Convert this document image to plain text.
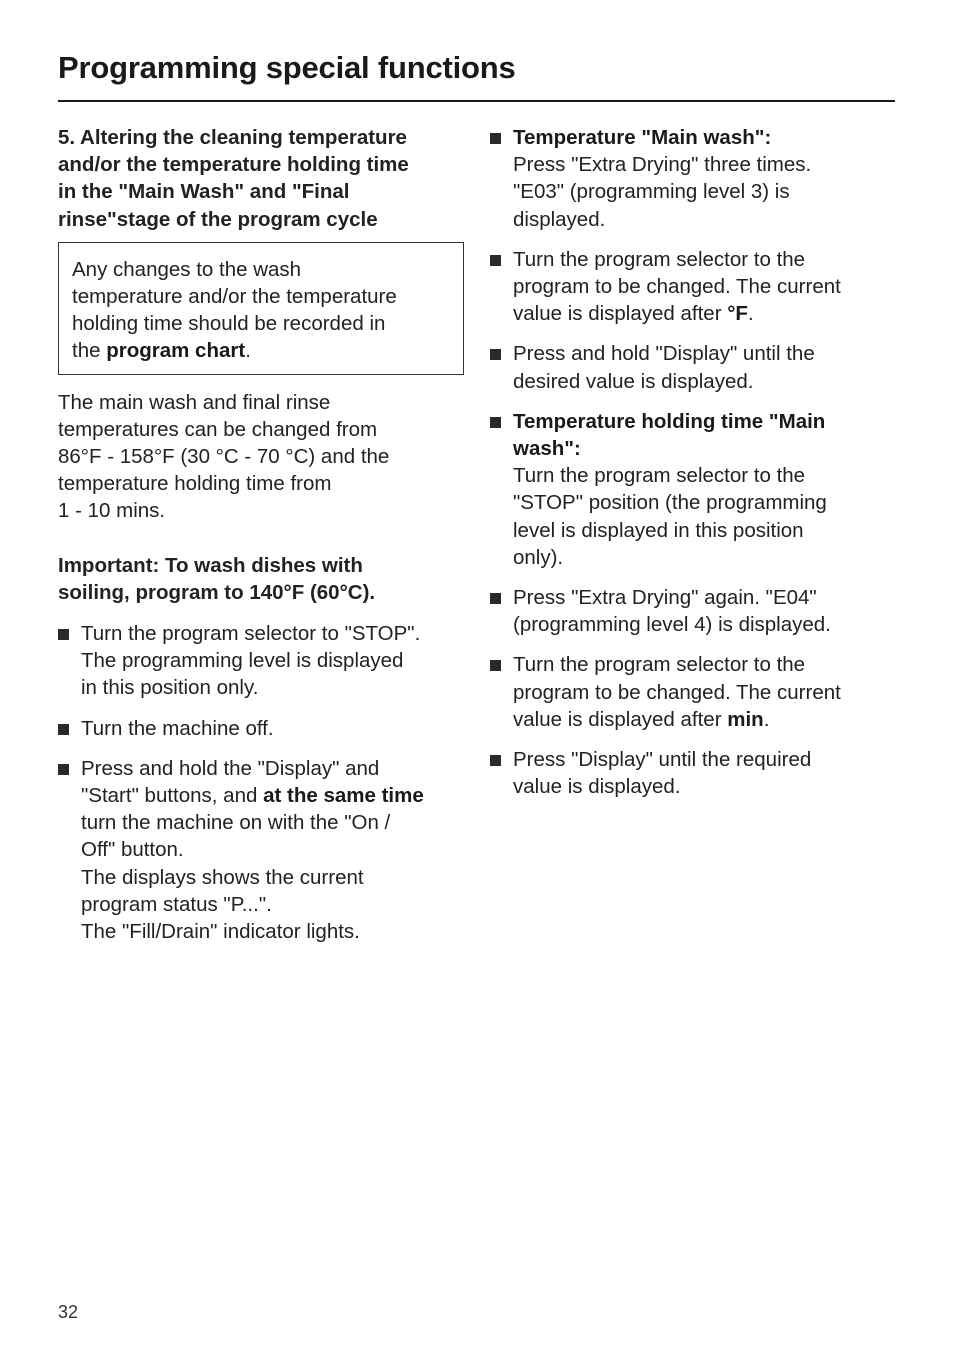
Programming special functions
5. Altering the cleaning temperature
and/or the temperature holding time
in the "Main Wash" and "Final
rinse"stage of the program cycle
Any changes to the wash
temperature and/or the temperature
holding time should be recorded in
the program chart.
The main wash and final rinse
temperatures can be changed from
86°F - 158°F (30 °C - 70 °C) and the
temperature holding time from
1 - 10 mins.
Important: To wash dishes with
soiling, program to 140°F (60°C).
Turn the program selector to "STOP".
The programming level is displayed
in this position only.
Turn the machine off.
Press and hold the "Display" and
"Start" buttons, and at the same time
turn the machine on with the "On /
Off" button.
The displays shows the current
program status "P...".
The "Fill/Drain" indicator lights.
Temperature "Main wash":
Press "Extra Drying" three times.
"E03" (programming level 3) is
displayed.
Turn the program selector to the
program to be changed. The current
value is displayed after °F.
Press and hold "Display" until the
desired value is displayed.
Temperature holding time "Main
wash":
Turn the program selector to the
"STOP" position (the programming
level is displayed in this position
only).
Press "Extra Drying" again. "E04"
(programming level 4) is displayed.
Turn the program selector to the
program to be changed. The current
value is displayed after min.
Press "Display" until the required
value is displayed.
32
